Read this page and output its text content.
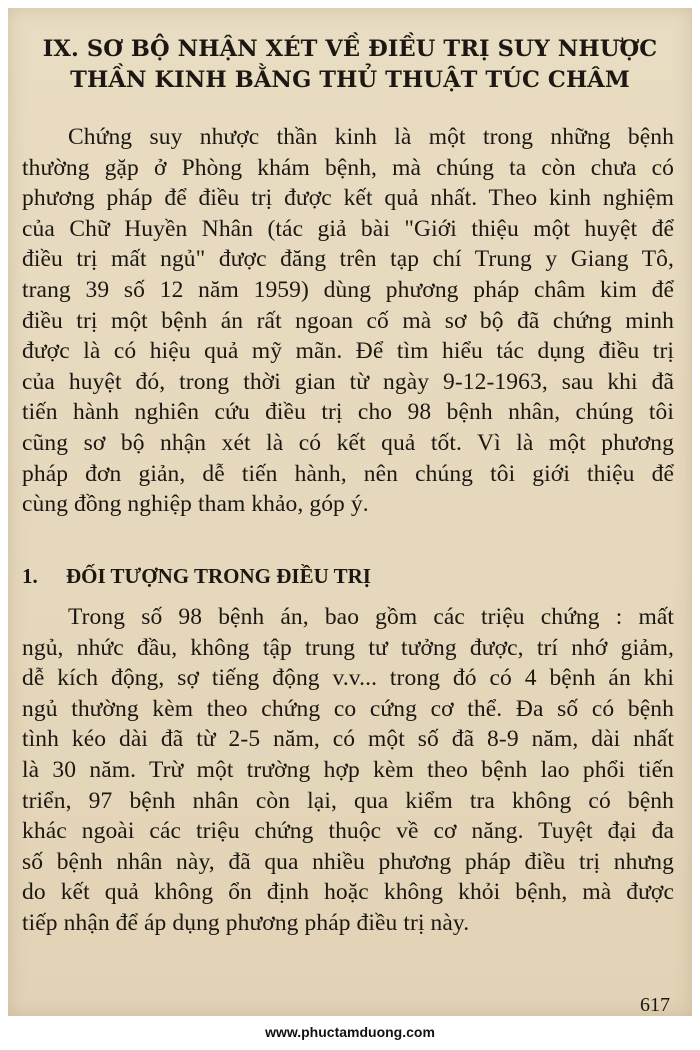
IX. SƠ BỘ NHẬN XÉT VỀ ĐIỀU TRỊ SUY NHƯỢC
THẦN KINH BẰNG THỦ THUẬT TÚC CHÂM

Chứng suy nhược thần kinh là một trong những bệnh
thường gặp ở Phòng khám bệnh, mà chúng ta còn chưa có
phương pháp để điều trị được kết quả nhất. Theo kinh nghiệm
của Chữ Huyền Nhân (tác giả bài "Giới thiệu một huyệt để
điều trị mất ngủ" được đăng trên tạp chí Trung y Giang Tô,
trang 39 số 12 năm 1959) dùng phương pháp châm kim để
điều trị một bệnh án rất ngoan cố mà sơ bộ đã chứng minh
được là có hiệu quả mỹ mãn. Để tìm hiểu tác dụng điều trị
của huyệt đó, trong thời gian từ ngày 9-12-1963, sau khi đã
tiến hành nghiên cứu điều trị cho 98 bệnh nhân, chúng tôi
cũng sơ bộ nhận xét là có kết quả tốt. Vì là một phương
pháp đơn giản, dễ tiến hành, nên chúng tôi giới thiệu để
cùng đồng nghiệp tham khảo, góp ý.

1. ĐỐI TƯỢNG TRONG ĐIỀU TRỊ

Trong số 98 bệnh án, bao gồm các triệu chứng : mất
ngủ, nhức đầu, không tập trung tư tưởng được, trí nhớ giảm,
dễ kích động, sợ tiếng động v.v... trong đó có 4 bệnh án khi
ngủ thường kèm theo chứng co cứng cơ thể. Đa số có bệnh
tình kéo dài đã từ 2-5 năm, có một số đã 8-9 năm, dài nhất
là 30 năm. Trừ một trường hợp kèm theo bệnh lao phổi tiến
triển, 97 bệnh nhân còn lại, qua kiểm tra không có bệnh
khác ngoài các triệu chứng thuộc về cơ năng. Tuyệt đại đa
số bệnh nhân này, đã qua nhiều phương pháp điều trị nhưng
do kết quả không ổn định hoặc không khỏi bệnh, mà được
tiếp nhận để áp dụng phương pháp điều trị này.

617
www.phuctamduong.com
